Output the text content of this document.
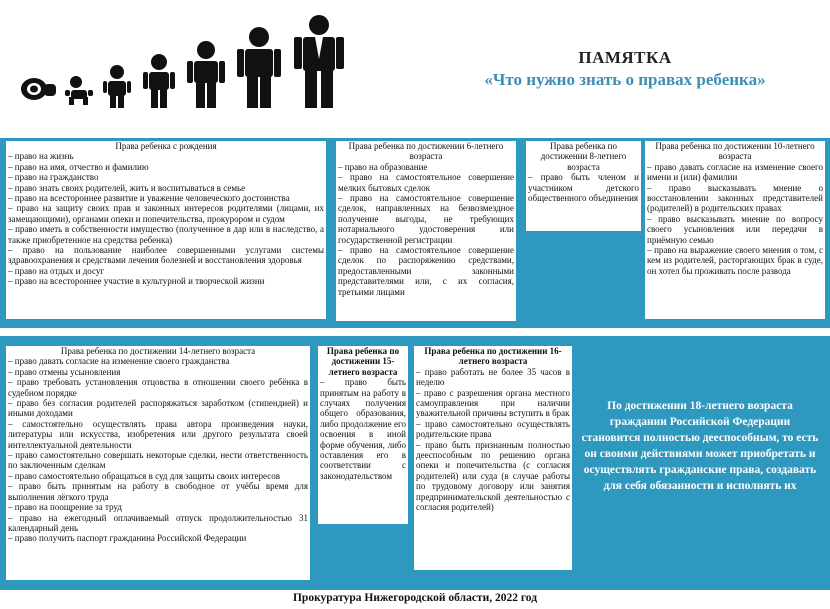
ПАМЯТКА
«Что нужно знать о правах ребенка»
Права ребенка с рождения

– право на жизнь

– право на имя, отчество и фамилию

– право на гражданство

– право знать своих родителей, жить и воспитываться в семье

– право на всестороннее развитие и уважение человеческого достоинства

– право на защиту своих прав и законных интересов родителями (лицами, их замещающими), органами опеки и попечительства, прокурором и судом

– право иметь в собственности имущество (полученное в дар или в наследство, а также приобретенное на средства ребенка)

– право на пользование наиболее совершенными услугами системы здравоохранения и средствами лечения болезней и восстановления здоровья

– право на отдых и досуг

– право на всестороннее участие в культурной и творческой жизни

Права ребенка по достижении 6-летнего возраста

– право на образование

– право на самостоятельное совершение мелких бытовых сделок

– право на самостоятельное совершение сделок, направленных на безвозмездное получение выгоды, не требующих нотариального удостоверения или государственной регистрации

– право на самостоятельное совершение сделок по распоряжению средствами, предоставленными законными представителями или, с их согласия, третьими лицами

Права ребенка по достижении 8-летнего возраста

– право быть членом и участником детского общественного объединения

Права ребенка по достижении 10-летнего возраста

– право давать согласие на изменение своего имени и (или) фамилии

– право высказывать мнение о восстановлении законных представителей (родителей) в родительских правах

– право высказывать мнение по вопросу своего усыновления или передачи в приёмную семью

– право на выражение своего мнения о том, с кем из родителей, расторгающих брак в суде, он хотел бы проживать после развода

Права ребенка по достижении 14-летнего возраста

– право давать согласие на изменение своего гражданства

– право отмены усыновления

– право требовать установления отцовства в отношении своего ребёнка в судебном порядке

– право без согласия родителей распоряжаться заработком (стипендией) и иными доходами

– самостоятельно осуществлять права автора произведения науки, литературы или искусства, изобретения или другого результата своей интеллектуальной деятельности

– право самостоятельно совершать некоторые сделки, нести ответственность по заключенным сделкам

– право самостоятельно обращаться в суд для защиты своих интересов

– право быть принятым на работу в свободное от учёбы время для выполнения лёгкого труда

– право на поощрение за труд

– право на ежегодный оплачиваемый отпуск продолжительностью 31 календарный день

– право получить паспорт гражданина Российской Федерации

Права ребенка по достижении 15-летнего возраста

– право быть принятым на работу в случаях получения общего образования, либо продолжение его освоения в иной форме обучения, либо оставления его в соответствии с законодательством

Права ребенка по достижении 16-летнего возраста

– право работать не более 35 часов в неделю

– право с разрешения органа местного самоуправления при наличии уважительной причины вступить в брак

– право самостоятельно осуществлять родительские права

– право быть признанным полностью дееспособным по решению органа опеки и попечительства (с согласия родителей) или суда (в случае работы по трудовому договору или занятия предпринимательской деятельностью с согласия родителей)

По достижении 18-летнего возраста граждании Российской Федерации становится полностью дееспособным, то есть он своими действиями может приобретать и осуществлять гражданские права, создавать для себя обязанности и исполнять их
Прокуратура Нижегородской области, 2022 год
